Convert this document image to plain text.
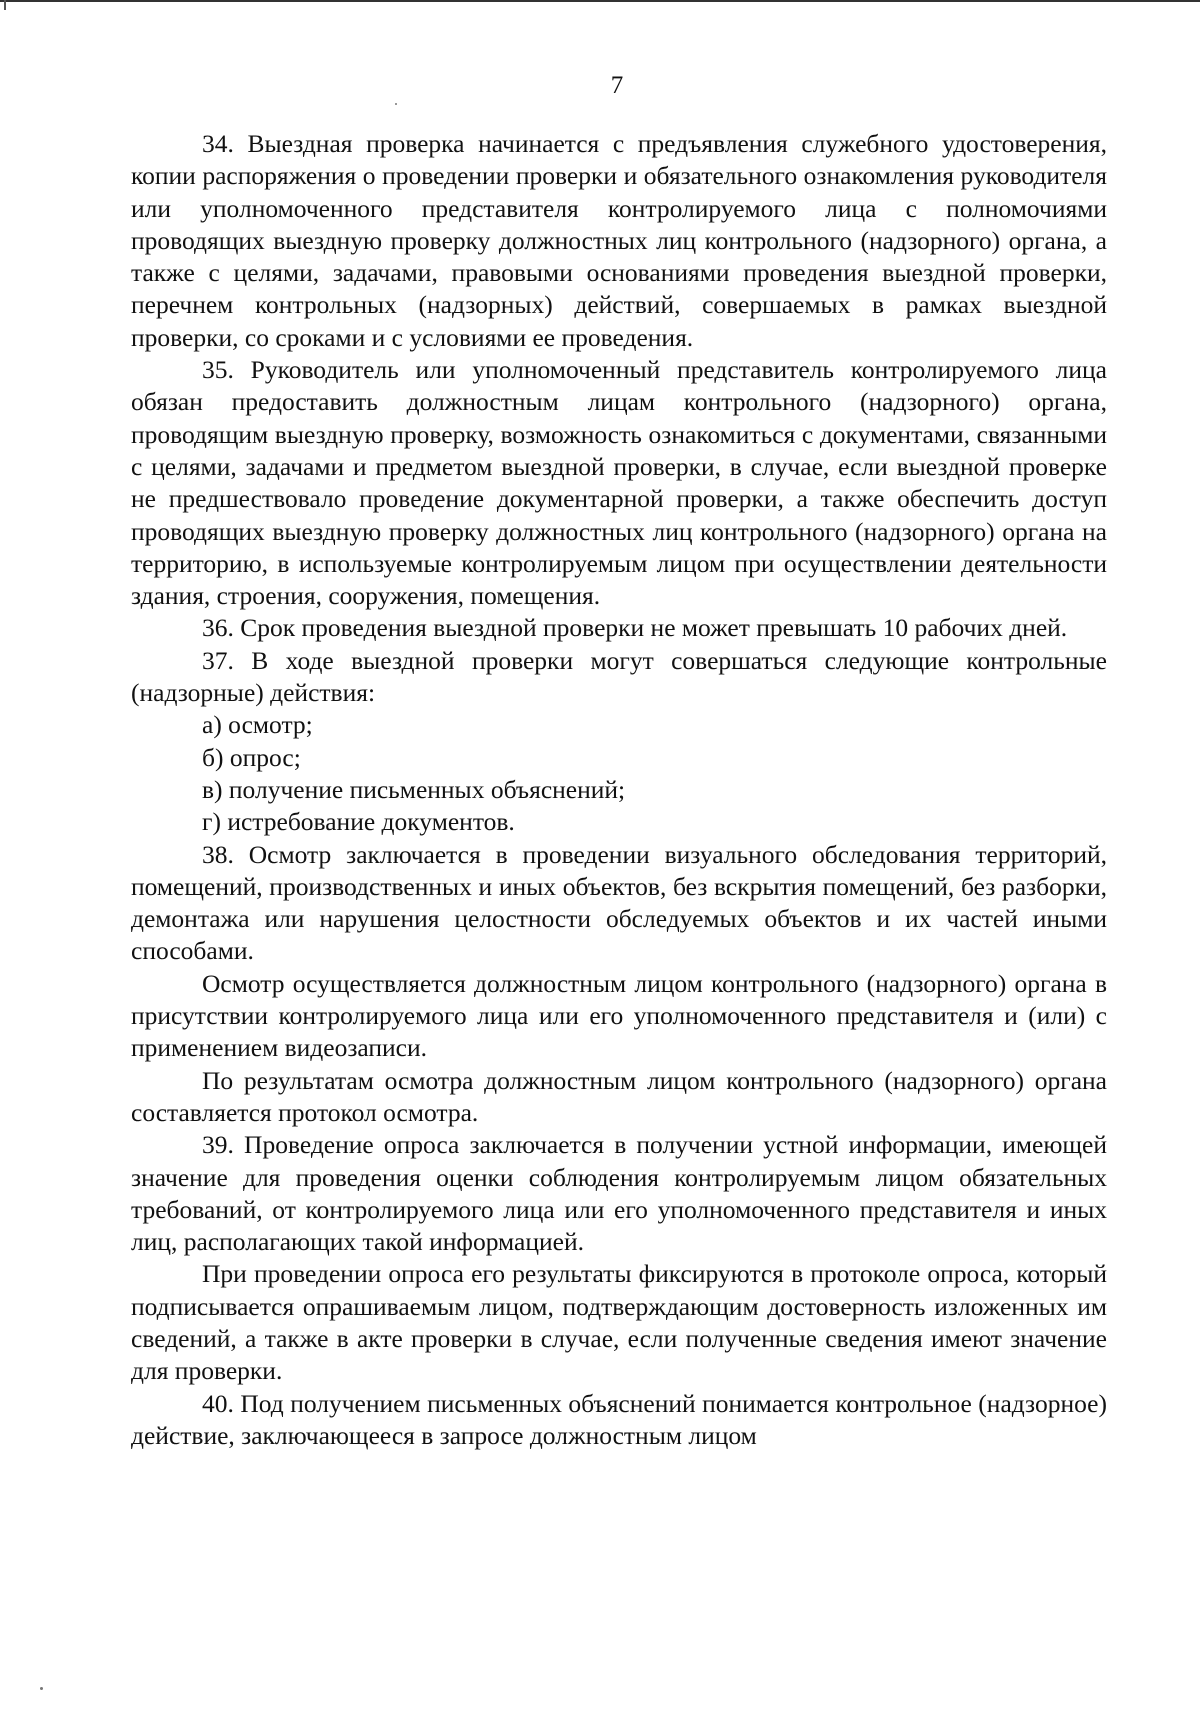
7

34. Выездная проверка начинается с предъявления служебного удостоверения, копии распоряжения о проведении проверки и обязательного ознакомления руководителя или уполномоченного представителя контролируемого лица с полномочиями проводящих выездную проверку должностных лиц контрольного (надзорного) органа, а также с целями, задачами, правовыми основаниями проведения выездной проверки, перечнем контрольных (надзорных) действий, совершаемых в рамках выездной проверки, со сроками и с условиями ее проведения.

35. Руководитель или уполномоченный представитель контролируемого лица обязан предоставить должностным лицам контрольного (надзорного) органа, проводящим выездную проверку, возможность ознакомиться с документами, связанными с целями, задачами и предметом выездной проверки, в случае, если выездной проверке не предшествовало проведение документарной проверки, а также обеспечить доступ проводящих выездную проверку должностных лиц контрольного (надзорного) органа на территорию, в используемые контролируемым лицом при осуществлении деятельности здания, строения, сооружения, помещения.

36. Срок проведения выездной проверки не может превышать 10 рабочих дней.

37. В ходе выездной проверки могут совершаться следующие контрольные (надзорные) действия:

а) осмотр;

б) опрос;

в) получение письменных объяснений;

г) истребование документов.

38. Осмотр заключается в проведении визуального обследования территорий, помещений, производственных и иных объектов, без вскрытия помещений, без разборки, демонтажа или нарушения целостности обследуемых объектов и их частей иными способами.

Осмотр осуществляется должностным лицом контрольного (надзорного) органа в присутствии контролируемого лица или его уполномоченного представителя и (или) с применением видеозаписи.

По результатам осмотра должностным лицом контрольного (надзорного) органа составляется протокол осмотра.

39. Проведение опроса заключается в получении устной информации, имеющей значение для проведения оценки соблюдения контролируемым лицом обязательных требований, от контролируемого лица или его уполномоченного представителя и иных лиц, располагающих такой информацией.

При проведении опроса его результаты фиксируются в протоколе опроса, который подписывается опрашиваемым лицом, подтверждающим достоверность изложенных им сведений, а также в акте проверки в случае, если полученные сведения имеют значение для проверки.

40. Под получением письменных объяснений понимается контрольное (надзорное) действие, заключающееся в запросе должностным лицом
